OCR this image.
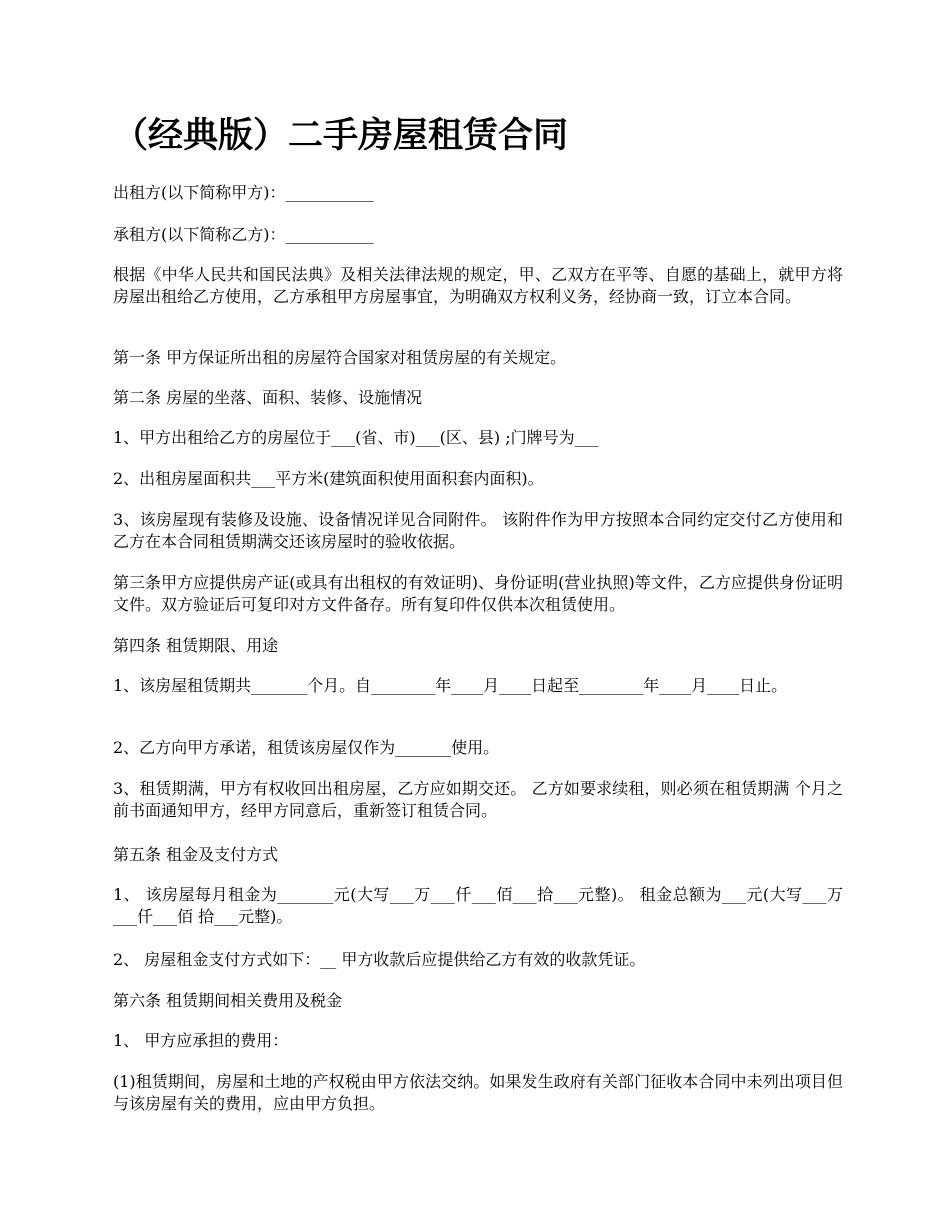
（经典版）二手房屋租赁合同

出租方(以下简称甲方)：___________

承租方(以下简称乙方)：___________

根据《中华人民共和国民法典》及相关法律法规的规定，甲、乙双方在平等、自愿的基础上，就甲方将房屋出租给乙方使用，乙方承租甲方房屋事宜，为明确双方权利义务，经协商一致，订立本合同。

第一条 甲方保证所出租的房屋符合国家对租赁房屋的有关规定。

第二条 房屋的坐落、面积、装修、设施情况

1、甲方出租给乙方的房屋位于___(省、市)___(区、县) ;门牌号为___

2、出租房屋面积共___平方米(建筑面积使用面积套内面积)。

3、该房屋现有装修及设施、设备情况详见合同附件。 该附件作为甲方按照本合同约定交付乙方使用和乙方在本合同租赁期满交还该房屋时的验收依据。

第三条甲方应提供房产证(或具有出租权的有效证明)、身份证明(营业执照)等文件，乙方应提供身份证明文件。双方验证后可复印对方文件备存。所有复印件仅供本次租赁使用。

第四条 租赁期限、用途

1、该房屋租赁期共_______个月。自________年____月____日起至________年____月____日止。

2、乙方向甲方承诺，租赁该房屋仅作为_______使用。

3、租赁期满，甲方有权收回出租房屋，乙方应如期交还。 乙方如要求续租，则必须在租赁期满 个月之前书面通知甲方，经甲方同意后，重新签订租赁合同。

第五条 租金及支付方式

1、 该房屋每月租金为_______元(大写___万___仟___佰___拾___元整)。 租金总额为___元(大写___万___仟___佰 拾___元整)。

2、 房屋租金支付方式如下：__ 甲方收款后应提供给乙方有效的收款凭证。

第六条 租赁期间相关费用及税金

1、 甲方应承担的费用：

(1)租赁期间，房屋和土地的产权税由甲方依法交纳。如果发生政府有关部门征收本合同中未列出项目但与该房屋有关的费用，应由甲方负担。
